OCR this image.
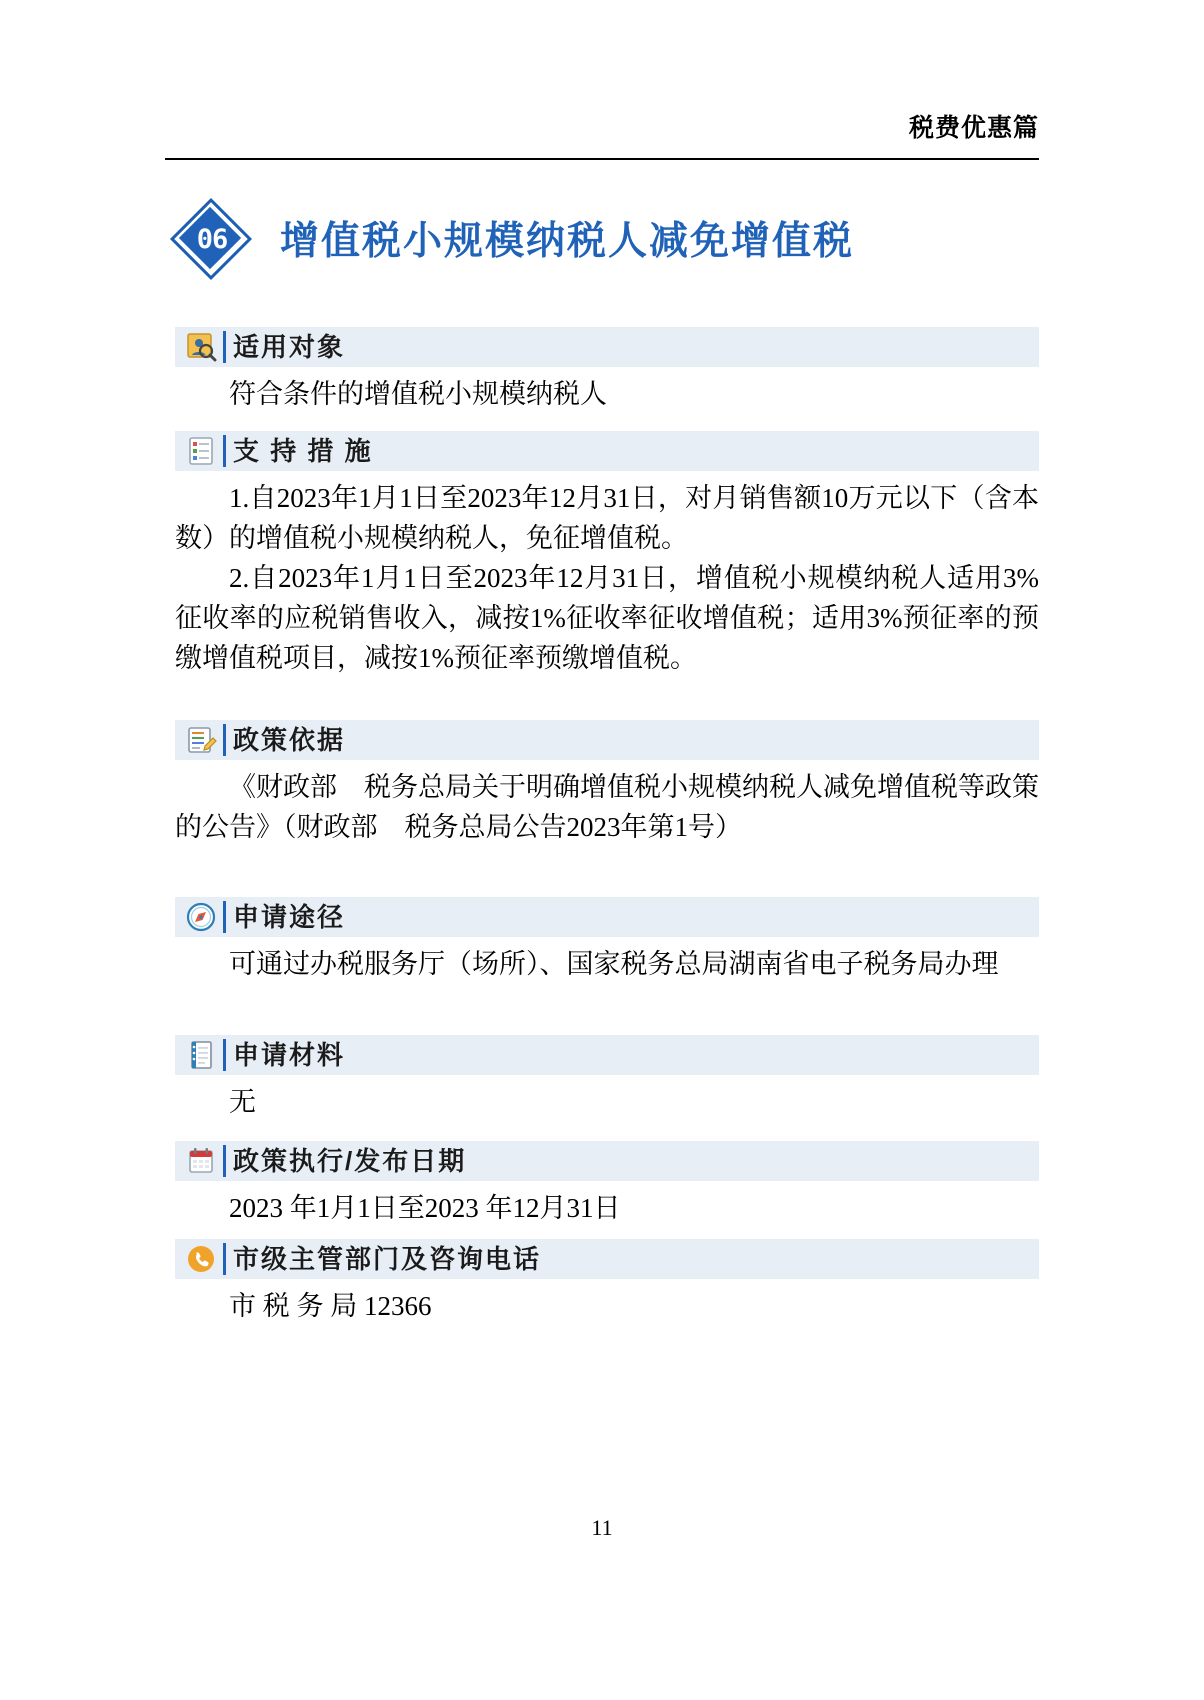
税费优惠篇
06	增值税小规模纳税人减免增值税
适用对象
符合条件的增值税小规模纳税人
支 持 措 施
1.自2023年1月1日至2023年12月31日，对月销售额10万元以下（含本数）的增值税小规模纳税人，免征增值税。
2.自2023年1月1日至2023年12月31日，增值税小规模纳税人适用3%征收率的应税销售收入，减按1%征收率征收增值税；适用3%预征率的预缴增值税项目，减按1%预征率预缴增值税。
政策依据
《财政部　税务总局关于明确增值税小规模纳税人减免增值税等政策的公告》（财政部　税务总局公告2023年第1号）
申请途径
可通过办税服务厅（场所）、国家税务总局湖南省电子税务局办理
申请材料
无
政策执行/发布日期
2023 年1月1日至2023 年12月31日
市级主管部门及咨询电话
市 税 务 局 12366
11
